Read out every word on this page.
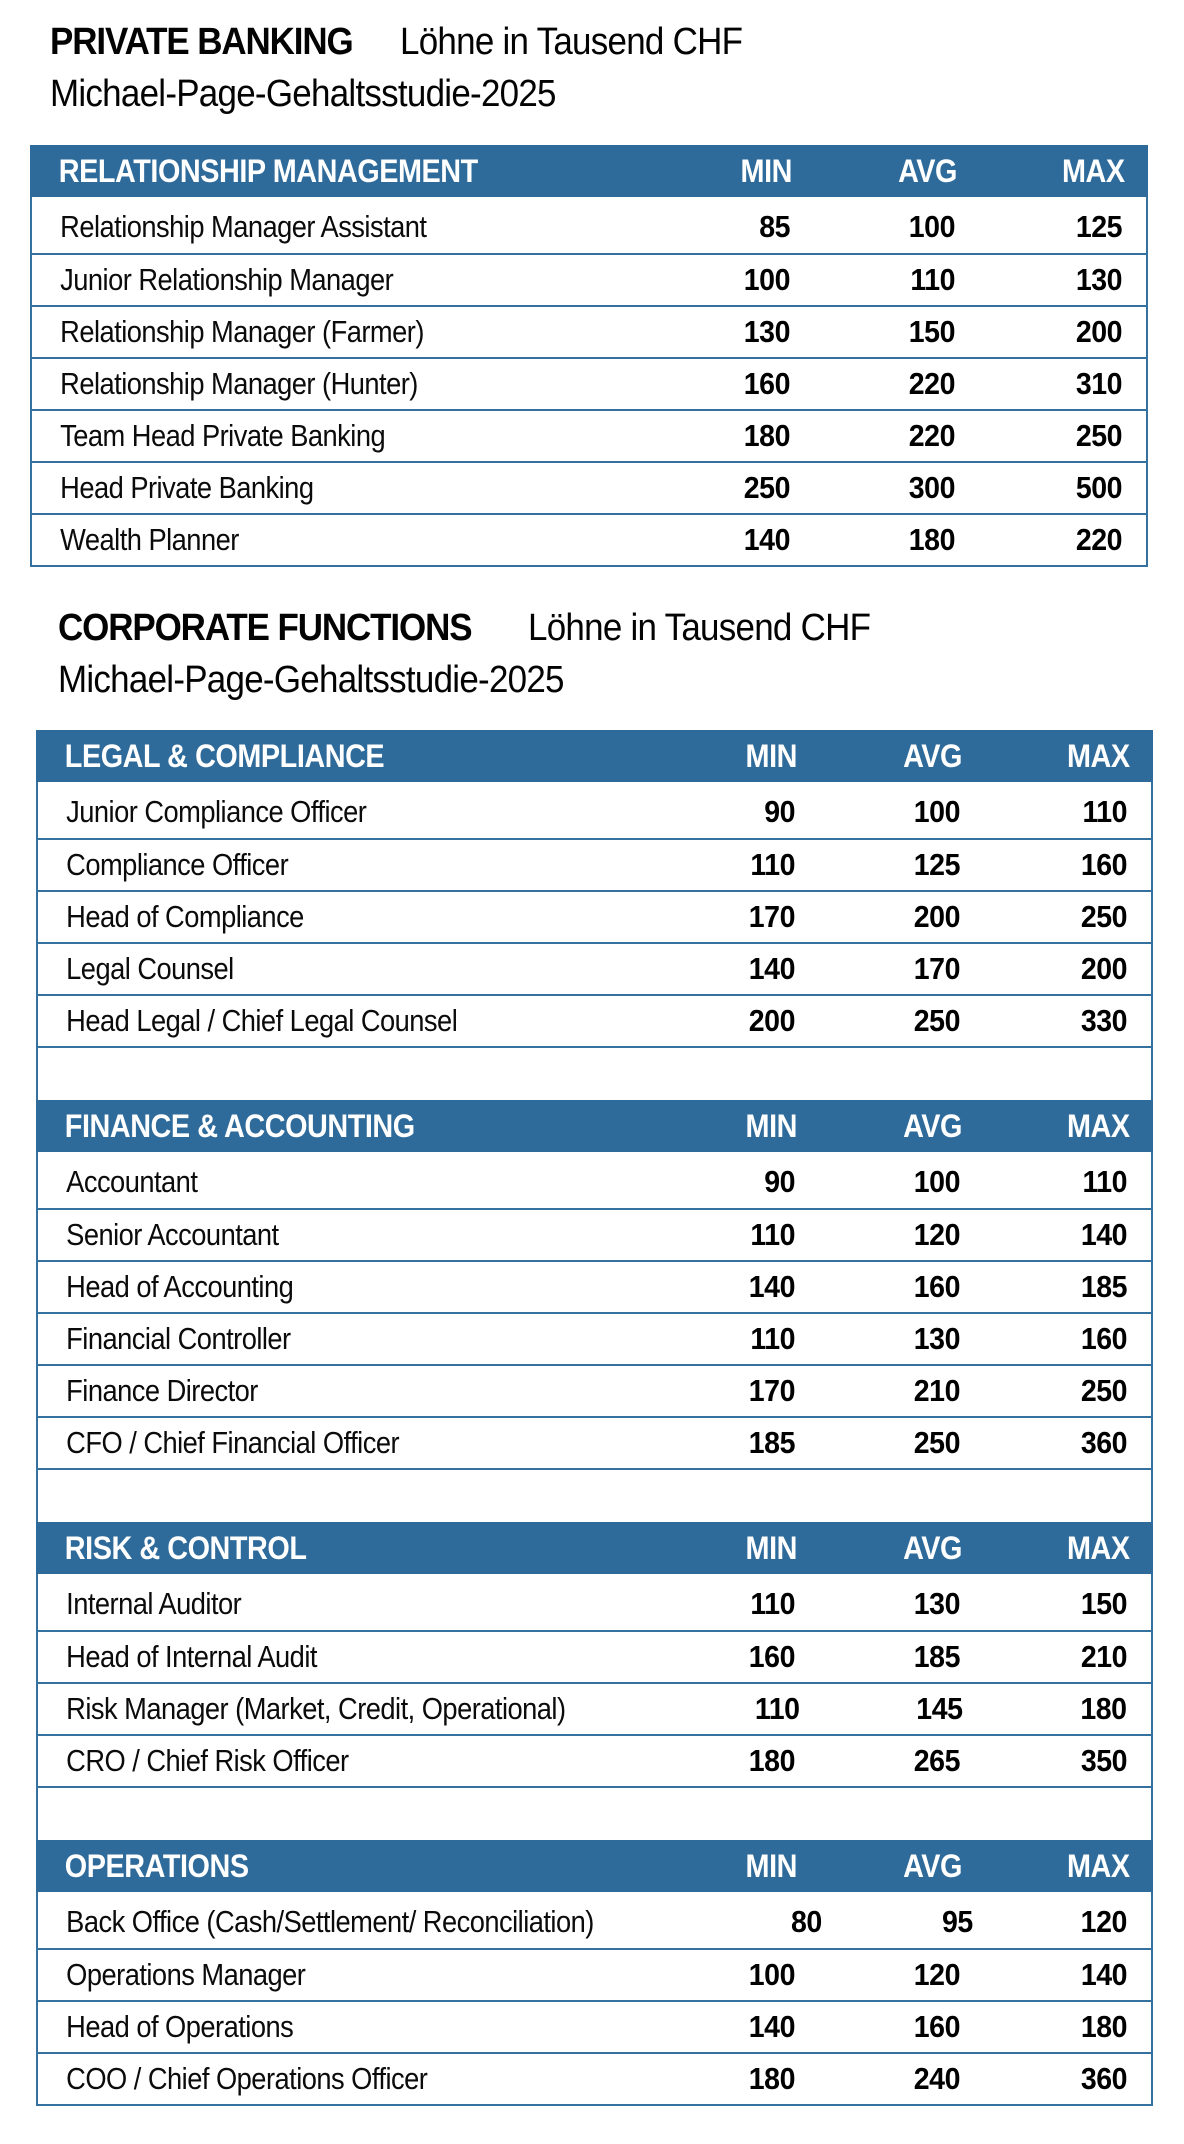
PRIVATE BANKING Löhne in Tausend CHF
Michael-Page-Gehaltsstudie-2025
RELATIONSHIP MANAGEMENT	MIN	AVG	MAX
Relationship Manager Assistant	85	100	125
Junior Relationship Manager	100	110	130
Relationship Manager (Farmer)	130	150	200
Relationship Manager (Hunter)	160	220	310
Team Head Private Banking	180	220	250
Head Private Banking	250	300	500
Wealth Planner	140	180	220
CORPORATE FUNCTIONS Löhne in Tausend CHF
Michael-Page-Gehaltsstudie-2025
LEGAL & COMPLIANCE	MIN	AVG	MAX
Junior Compliance Officer	90	100	110
Compliance Officer	110	125	160
Head of Compliance	170	200	250
Legal Counsel	140	170	200
Head Legal / Chief Legal Counsel	200	250	330
FINANCE & ACCOUNTING	MIN	AVG	MAX
Accountant	90	100	110
Senior Accountant	110	120	140
Head of Accounting	140	160	185
Financial Controller	110	130	160
Finance Director	170	210	250
CFO / Chief Financial Officer	185	250	360
RISK & CONTROL	MIN	AVG	MAX
Internal Auditor	110	130	150
Head of Internal Audit	160	185	210
Risk Manager (Market, Credit, Operational)	110	145	180
CRO / Chief Risk Officer	180	265	350
OPERATIONS	MIN	AVG	MAX
Back Office (Cash/Settlement/ Reconciliation)	80	95	120
Operations Manager	100	120	140
Head of Operations	140	160	180
COO / Chief Operations Officer	180	240	360
